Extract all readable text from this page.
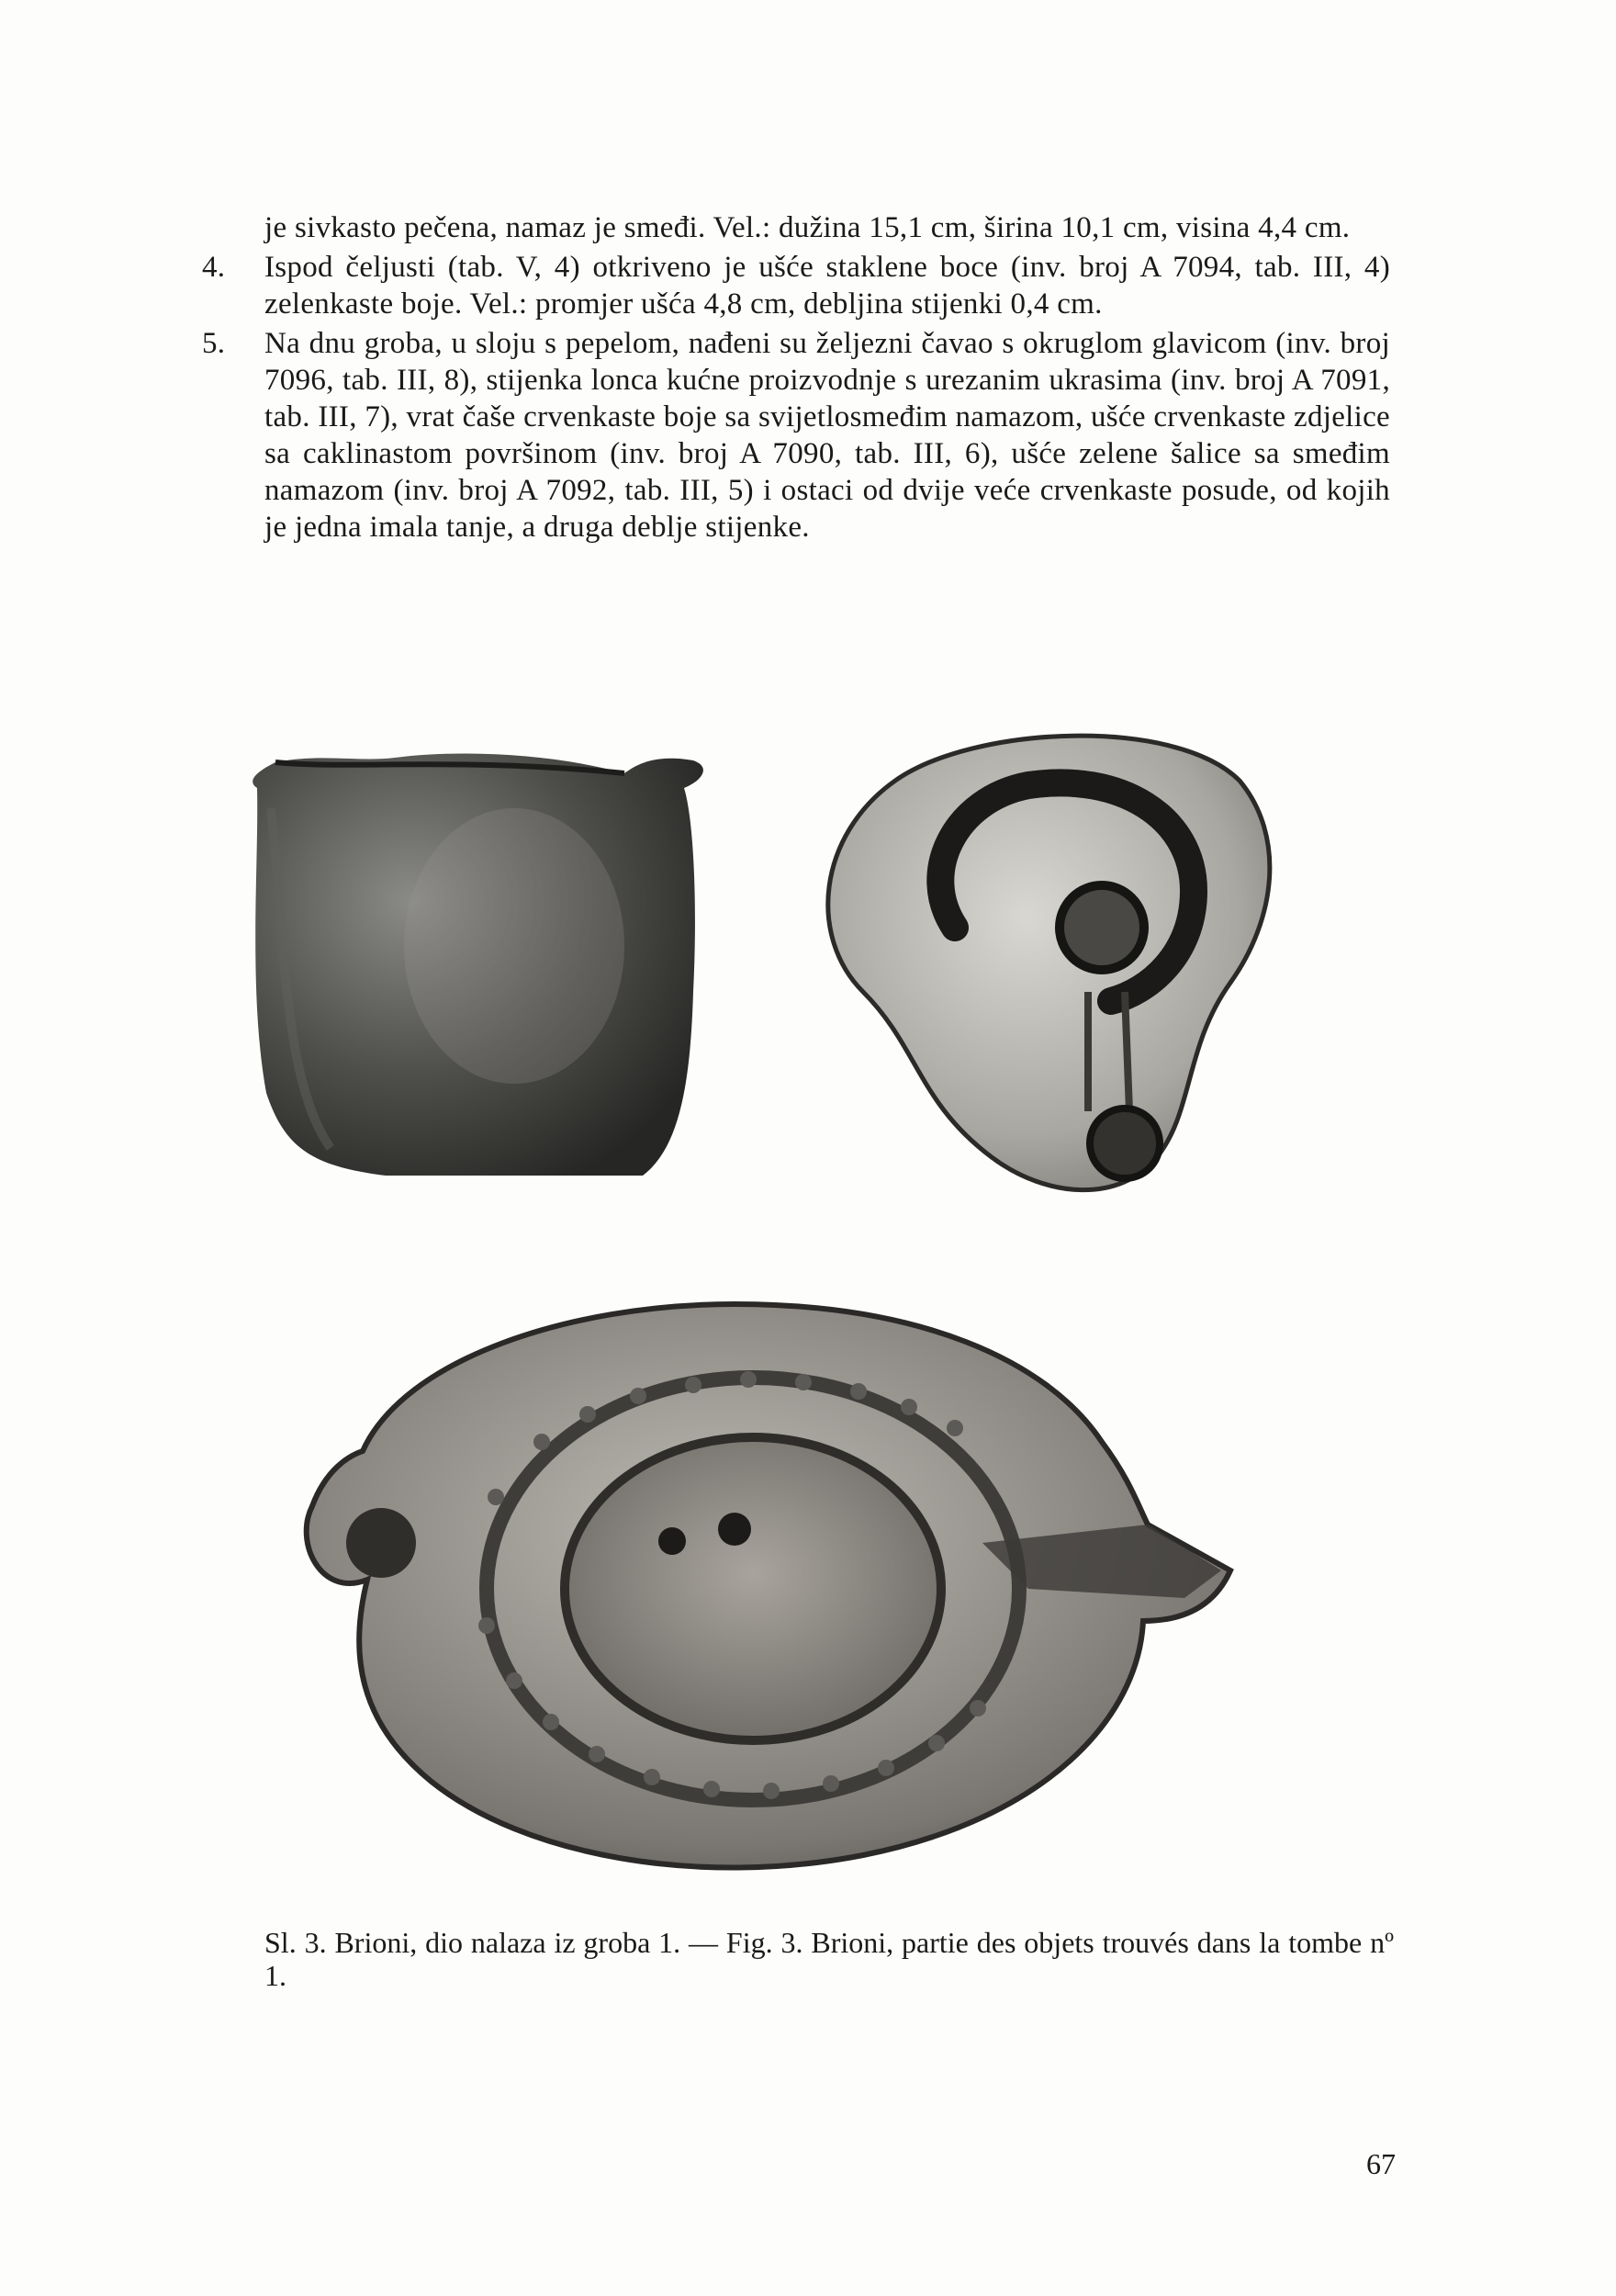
je sivkasto pečena, namaz je smeđi. Vel.: dužina 15,1 cm, širina 10,1 cm, visina 4,4 cm.

4. Ispod čeljusti (tab. V, 4) otkriveno je ušće staklene boce (inv. broj A 7094, tab. III, 4) zelenkaste boje. Vel.: promjer ušća 4,8 cm, debljina stijenki 0,4 cm.

5. Na dnu groba, u sloju s pepelom, nađeni su željezni čavao s okruglom glavicom (inv. broj 7096, tab. III, 8), stijenka lonca kućne proizvodnje s urezanim ukrasima (inv. broj A 7091, tab. III, 7), vrat čaše crvenkaste boje sa svijetlosmeđim namazom, ušće crvenkaste zdjelice sa caklinastom površinom (inv. broj A 7090, tab. III, 6), ušće zelene šalice sa smeđim namazom (inv. broj A 7092, tab. III, 5) i ostaci od dvije veće crvenkaste posude, od kojih je jedna imala tanje, a druga deblje stijenke.

Sl. 3. Brioni, dio nalaza iz groba 1. — Fig. 3. Brioni, partie des objets trouvés dans la tombe nº 1.
67
